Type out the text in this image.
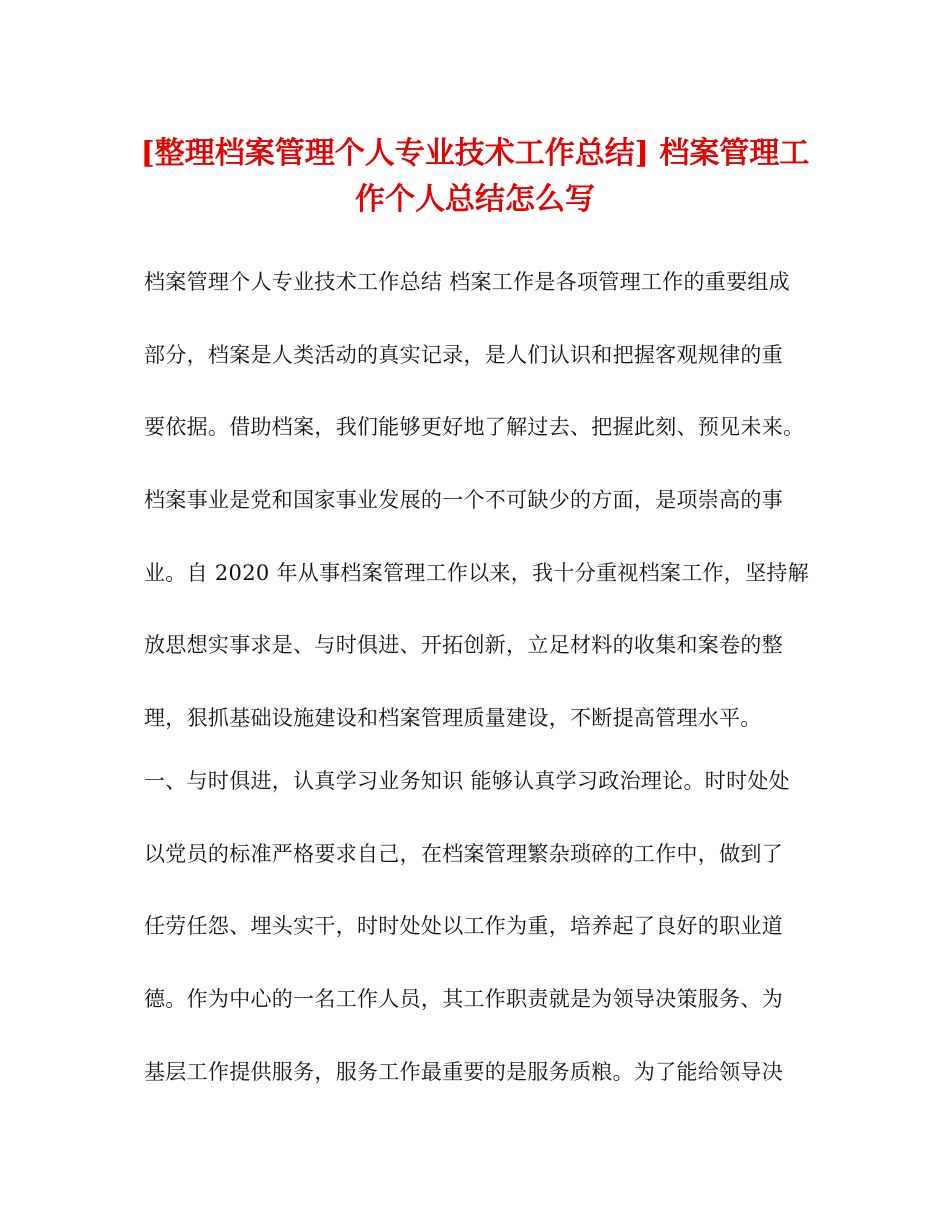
[整理档案管理个人专业技术工作总结] 档案管理工
作个人总结怎么写

档案管理个人专业技术工作总结 档案工作是各项管理工作的重要组成

部分，档案是人类活动的真实记录，是人们认识和把握客观规律的重

要依据。借助档案，我们能够更好地了解过去、把握此刻、预见未来。

档案事业是党和国家事业发展的一个不可缺少的方面，是项崇高的事

业。自 2020 年从事档案管理工作以来，我十分重视档案工作，坚持解

放思想实事求是、与时俱进、开拓创新，立足材料的收集和案卷的整

理，狠抓基础设施建设和档案管理质量建设，不断提高管理水平。

一、与时俱进，认真学习业务知识 能够认真学习政治理论。时时处处

以党员的标准严格要求自己，在档案管理繁杂琐碎的工作中，做到了

任劳任怨、埋头实干，时时处处以工作为重，培养起了良好的职业道

德。作为中心的一名工作人员，其工作职责就是为领导决策服务、为

基层工作提供服务，服务工作最重要的是服务质粮。为了能给领导决
